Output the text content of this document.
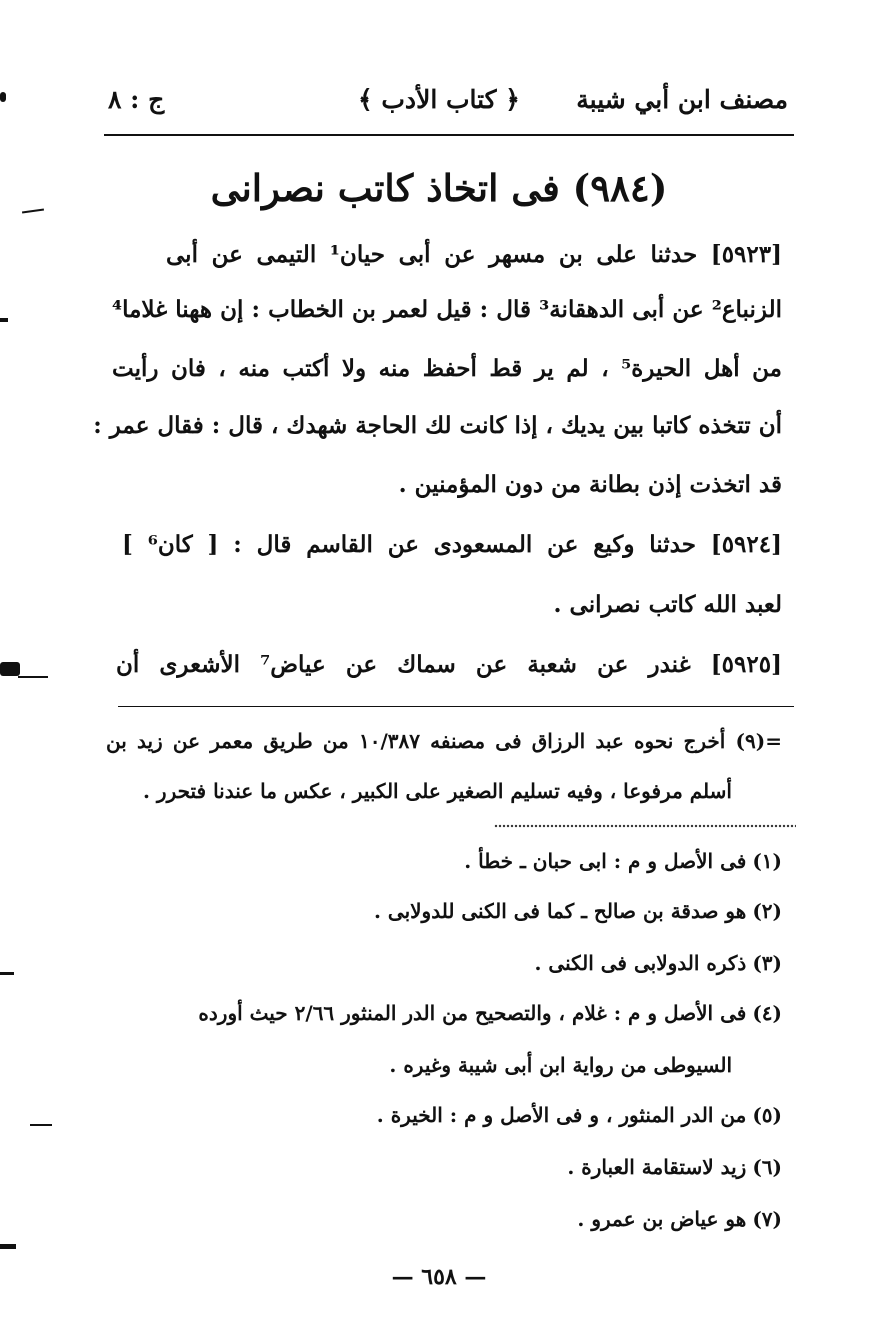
مصنف ابن أبي شيبة
﴿ كتاب الأدب ﴾
ج : ٨
(٩٨٤) فى اتخاذ كاتب نصرانى
[٥٩٢٣] حدثنا على بن مسهر عن أبى حيان¹ التيمى عن أبى
الزنباع² عن أبى الدهقانة³ قال : قيل لعمر بن الخطاب : إن ههنا غلاما⁴
من أهل الحيرة⁵ ، لم ير قط أحفظ منه ولا أكتب منه ، فان رأيت
أن تتخذه كاتبا بين يديك ، إذا كانت لك الحاجة شهدك ، قال : فقال عمر :
قد اتخذت إذن بطانة من دون المؤمنين .
[٥٩٢٤] حدثنا وكيع عن المسعودى عن القاسم قال : [ كان⁶ ]
لعبد الله كاتب نصرانى .
[٥٩٢٥] غندر عن شعبة عن سماك عن عياض⁷ الأشعرى أن
=(٩) أخرج نحوه عبد الرزاق فى مصنفه ١٠/٣٨٧ من طريق معمر عن زيد بن
أسلم مرفوعا ، وفيه تسليم الصغير على الكبير ، عكس ما عندنا فتحرر .
(١)فى الأصل و م : ابى حبان ـ خطأ .
(٢)هو صدقة بن صالح ـ كما فى الكنى للدولابى .
(٣)ذكره الدولابى فى الكنى .
(٤)فى الأصل و م : غلام ، والتصحيح من الدر المنثور ٢/٦٦ حيث أورده
السيوطى من رواية ابن أبى شيبة وغيره .
(٥)من الدر المنثور ، و فى الأصل و م : الخيرة .
(٦)زيد لاستقامة العبارة .
(٧)هو عياض بن عمرو .
— ٦٥٨ —
